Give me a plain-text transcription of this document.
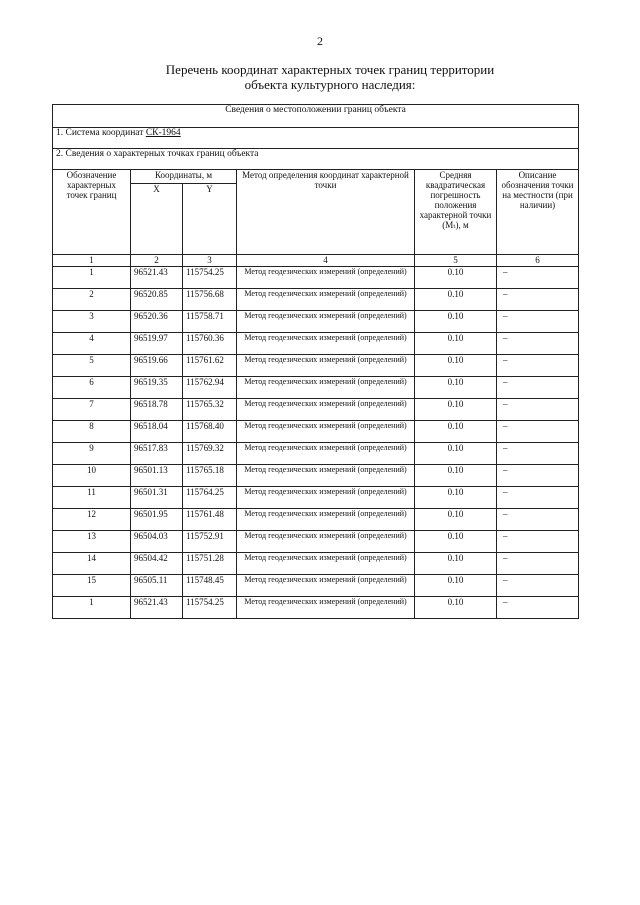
2
Перечень координат характерных точек границ территории
объекта культурного наследия:
Сведения о местоположении границ объекта					
1. Система координат СК-1964					
2. Сведения о характерных точках границ объекта					
Обозначение характерных точек границ	Координаты, м		Метод определения координат характерной точки	Средняя квадратическая погрешность положения характерной точки (Mₜ), м	Описание обозначения точки на местности (при наличии)
	X	Y			
1	2	3	4	5	6
1	96521.43	115754.25	Метод геодезических измерений (определений)	0.10	–
2	96520.85	115756.68	Метод геодезических измерений (определений)	0.10	–
3	96520.36	115758.71	Метод геодезических измерений (определений)	0.10	–
4	96519.97	115760.36	Метод геодезических измерений (определений)	0.10	–
5	96519.66	115761.62	Метод геодезических измерений (определений)	0.10	–
6	96519.35	115762.94	Метод геодезических измерений (определений)	0.10	–
7	96518.78	115765.32	Метод геодезических измерений (определений)	0.10	–
8	96518.04	115768.40	Метод геодезических измерений (определений)	0.10	–
9	96517.83	115769.32	Метод геодезических измерений (определений)	0.10	–
10	96501.13	115765.18	Метод геодезических измерений (определений)	0.10	–
11	96501.31	115764.25	Метод геодезических измерений (определений)	0.10	–
12	96501.95	115761.48	Метод геодезических измерений (определений)	0.10	–
13	96504.03	115752.91	Метод геодезических измерений (определений)	0.10	–
14	96504.42	115751.28	Метод геодезических измерений (определений)	0.10	–
15	96505.11	115748.45	Метод геодезических измерений (определений)	0.10	–
1	96521.43	115754.25	Метод геодезических измерений (определений)	0.10	–
